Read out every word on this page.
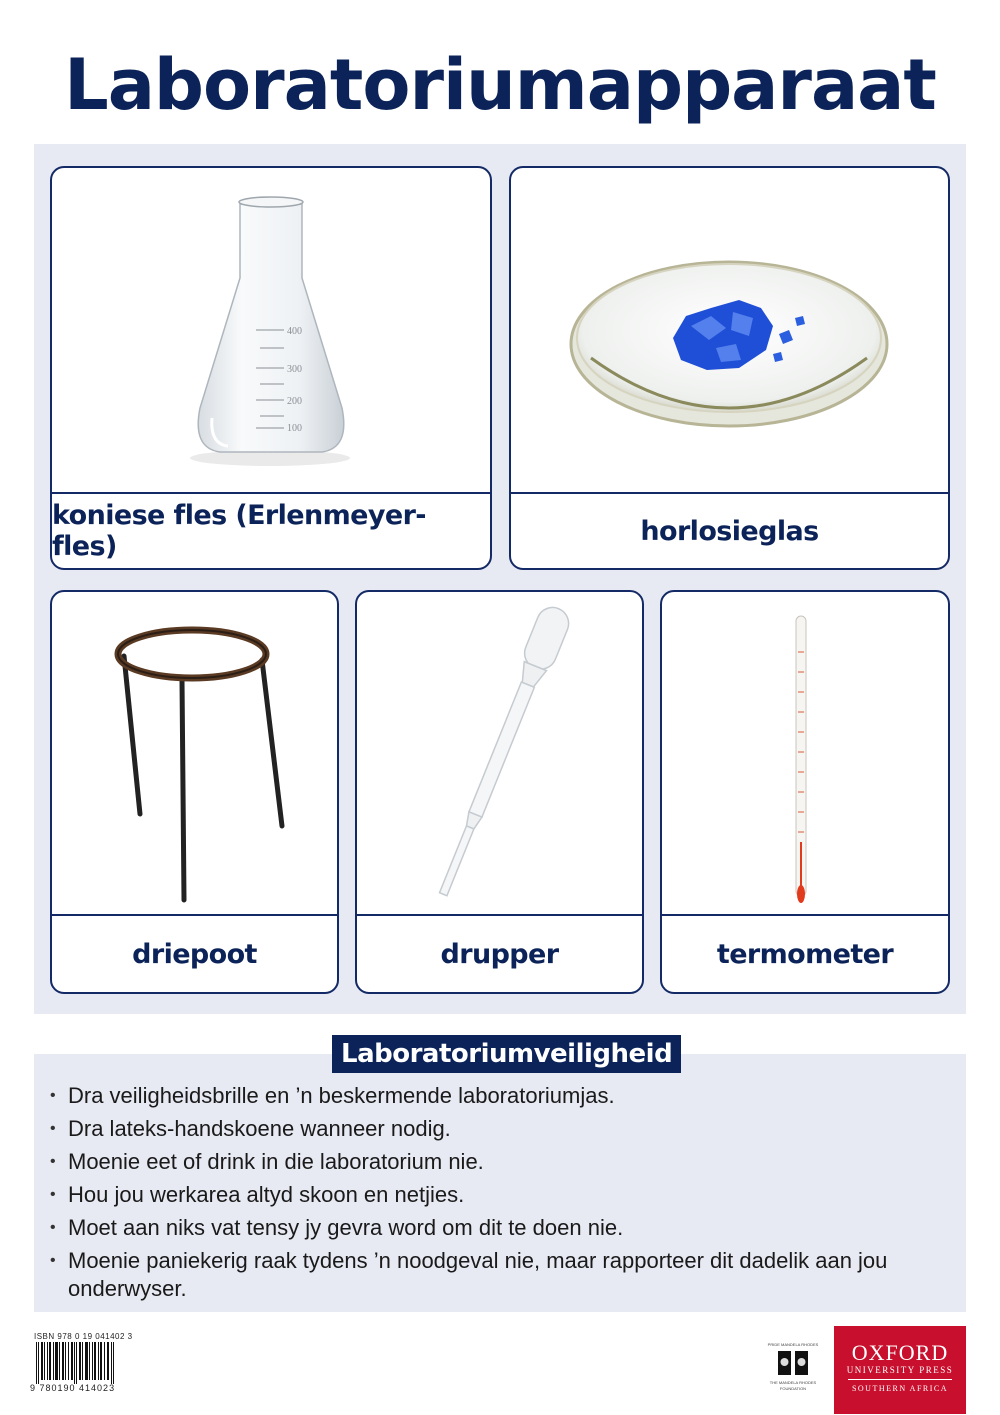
Laboratoriumapparaat
400
300
200
100
koniese fles (Erlenmeyer-fles)	horlosieglas
driepoot	drupper	termometer
Laboratoriumveiligheid
• Dra veiligheidsbrille en ’n beskermende laboratoriumjas.
• Dra lateks-handskoene wanneer nodig.
• Moenie eet of drink in die laboratorium nie.
• Hou jou werkarea altyd skoon en netjies.
• Moet aan niks vat tensy jy gevra word om dit te doen nie.
• Moenie paniekerig raak tydens ’n noodgeval nie, maar rapporteer dit dadelik aan jou onderwyser.
ISBN 978 0 19 041402 3
9 780190 414023
PRIDE MANDELA RHODES
THE MANDELA RHODES
FOUNDATION
OXFORD
UNIVERSITY PRESS
SOUTHERN AFRICA
